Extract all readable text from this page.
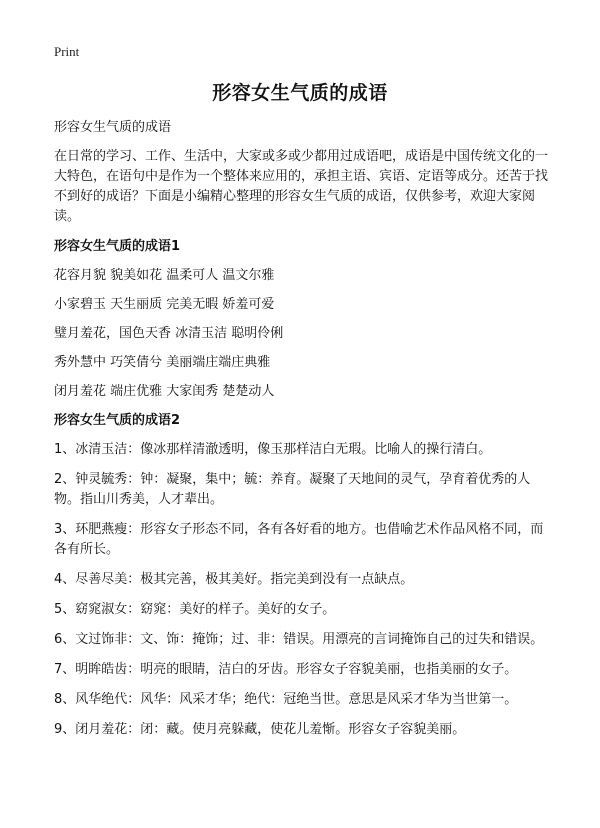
Print
形容女生气质的成语

形容女生气质的成语

在日常的学习、工作、生活中，大家或多或少都用过成语吧，成语是中国传统文化的一大特色，在语句中是作为一个整体来应用的，承担主语、宾语、定语等成分。还苦于找不到好的成语？下面是小编精心整理的形容女生气质的成语，仅供参考，欢迎大家阅读。

形容女生气质的成语1

花容月貌 貌美如花 温柔可人 温文尔雅

小家碧玉 天生丽质 完美无暇 娇羞可爱

璧月羞花，国色天香 冰清玉洁 聪明伶俐

秀外慧中 巧笑倩兮 美丽端庄端庄典雅

闭月羞花 端庄优雅 大家闺秀 楚楚动人

形容女生气质的成语2

1、冰清玉洁：像冰那样清澈透明，像玉那样洁白无瑕。比喻人的操行清白。

2、钟灵毓秀：钟：凝聚，集中；毓：养育。凝聚了天地间的灵气，孕育着优秀的人物。指山川秀美，人才辈出。

3、环肥燕瘦：形容女子形态不同，各有各好看的地方。也借喻艺术作品风格不同，而各有所长。

4、尽善尽美：极其完善，极其美好。指完美到没有一点缺点。

5、窈窕淑女：窈窕：美好的样子。美好的女子。

6、文过饰非：文、饰：掩饰；过、非：错误。用漂亮的言词掩饰自己的过失和错误。

7、明眸皓齿：明亮的眼睛，洁白的牙齿。形容女子容貌美丽，也指美丽的女子。

8、风华绝代：风华：风采才华；绝代：冠绝当世。意思是风采才华为当世第一。

9、闭月羞花：闭：藏。使月亮躲藏，使花儿羞惭。形容女子容貌美丽。
